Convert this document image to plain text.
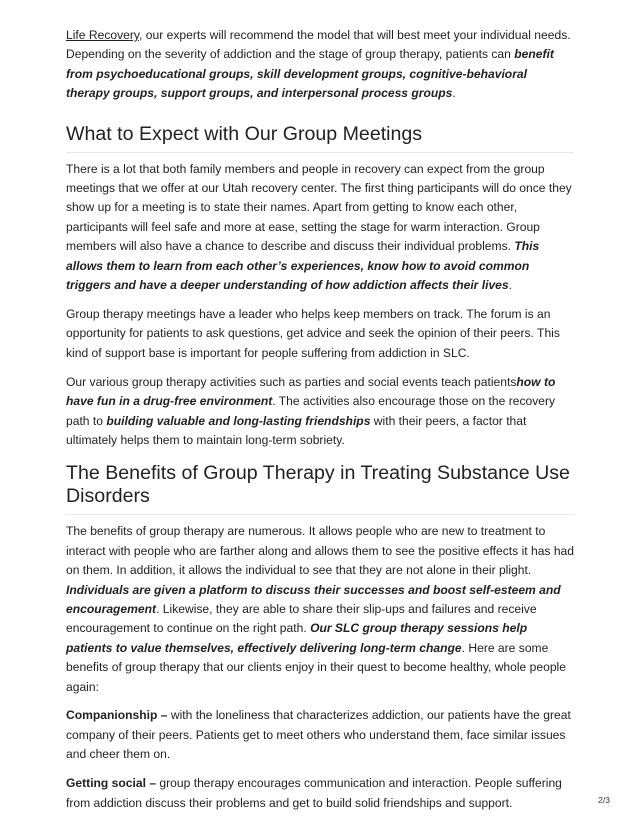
Life Recovery, our experts will recommend the model that will best meet your individual needs. Depending on the severity of addiction and the stage of group therapy, patients can benefit from psychoeducational groups, skill development groups, cognitive-behavioral therapy groups, support groups, and interpersonal process groups.

What to Expect with Our Group Meetings

There is a lot that both family members and people in recovery can expect from the group meetings that we offer at our Utah recovery center. The first thing participants will do once they show up for a meeting is to state their names. Apart from getting to know each other, participants will feel safe and more at ease, setting the stage for warm interaction. Group members will also have a chance to describe and discuss their individual problems. This allows them to learn from each other’s experiences, know how to avoid common triggers and have a deeper understanding of how addiction affects their lives.

Group therapy meetings have a leader who helps keep members on track. The forum is an opportunity for patients to ask questions, get advice and seek the opinion of their peers. This kind of support base is important for people suffering from addiction in SLC.

Our various group therapy activities such as parties and social events teach patientshow to have fun in a drug-free environment. The activities also encourage those on the recovery path to building valuable and long-lasting friendships with their peers, a factor that ultimately helps them to maintain long-term sobriety.

The Benefits of Group Therapy in Treating Substance Use Disorders

The benefits of group therapy are numerous. It allows people who are new to treatment to interact with people who are farther along and allows them to see the positive effects it has had on them. In addition, it allows the individual to see that they are not alone in their plight. Individuals are given a platform to discuss their successes and boost self-esteem and encouragement. Likewise, they are able to share their slip-ups and failures and receive encouragement to continue on the right path. Our SLC group therapy sessions help patients to value themselves, effectively delivering long-term change. Here are some benefits of group therapy that our clients enjoy in their quest to become healthy, whole people again:

Companionship – with the loneliness that characterizes addiction, our patients have the great company of their peers. Patients get to meet others who understand them, face similar issues and cheer them on.

Getting social – group therapy encourages communication and interaction. People suffering from addiction discuss their problems and get to build solid friendships and support.	2/3
